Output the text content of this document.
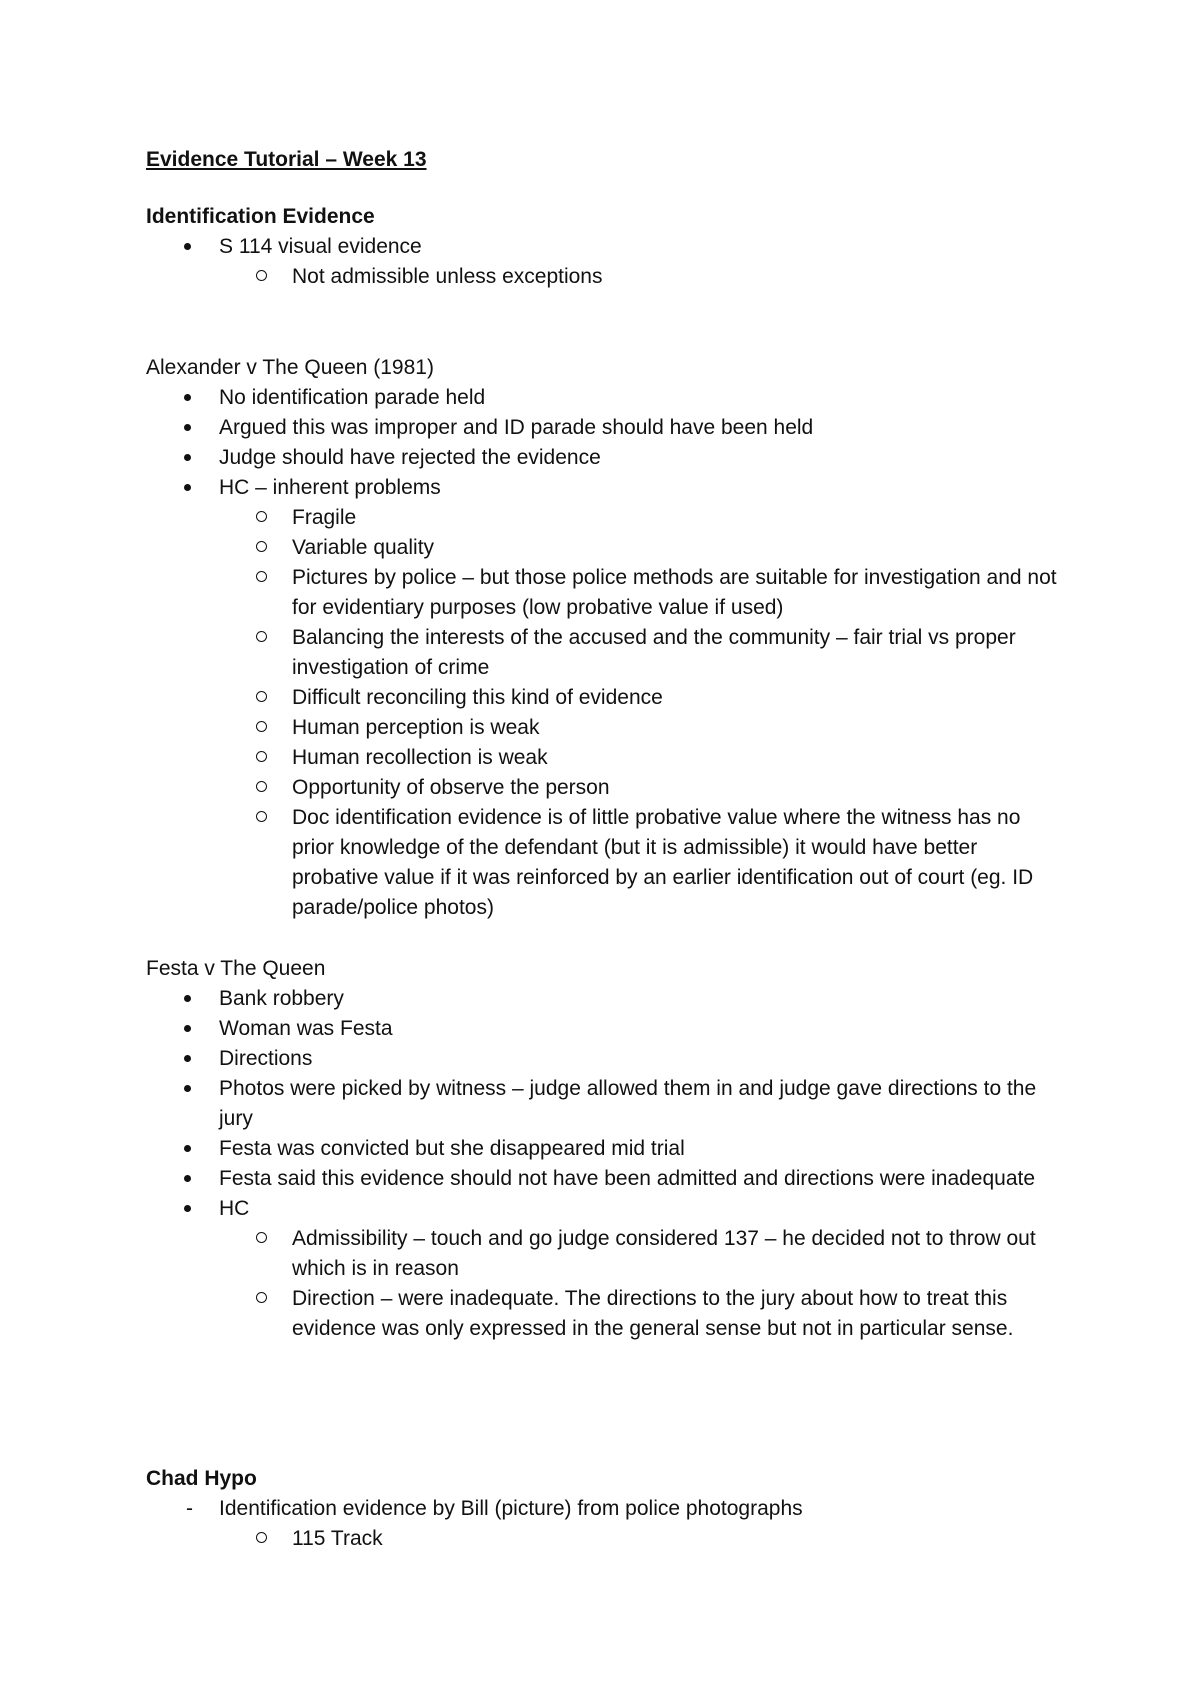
Evidence Tutorial – Week 13
Identification Evidence
S 114 visual evidence
Not admissible unless exceptions
Alexander v The Queen (1981)
No identification parade held
Argued this was improper and ID parade should have been held
Judge should have rejected the evidence
HC – inherent problems
Fragile
Variable quality
Pictures by police – but those police methods are suitable for investigation and not for evidentiary purposes (low probative value if used)
Balancing the interests of the accused and the community – fair trial vs proper investigation of crime
Difficult reconciling this kind of evidence
Human perception is weak
Human recollection is weak
Opportunity of observe the person
Doc identification evidence is of little probative value where the witness has no prior knowledge of the defendant (but it is admissible) it would have better probative value if it was reinforced by an earlier identification out of court (eg. ID parade/police photos)
Festa v The Queen
Bank robbery
Woman was Festa
Directions
Photos were picked by witness – judge allowed them in and judge gave directions to the jury
Festa was convicted but she disappeared mid trial
Festa said this evidence should not have been admitted and directions were inadequate
HC
Admissibility – touch and go judge considered 137 – he decided not to throw out which is in reason
Direction – were inadequate. The directions to the jury about how to treat this evidence was only expressed in the general sense but not in particular sense.
Chad Hypo
- Identification evidence by Bill (picture) from police photographs
115 Track
